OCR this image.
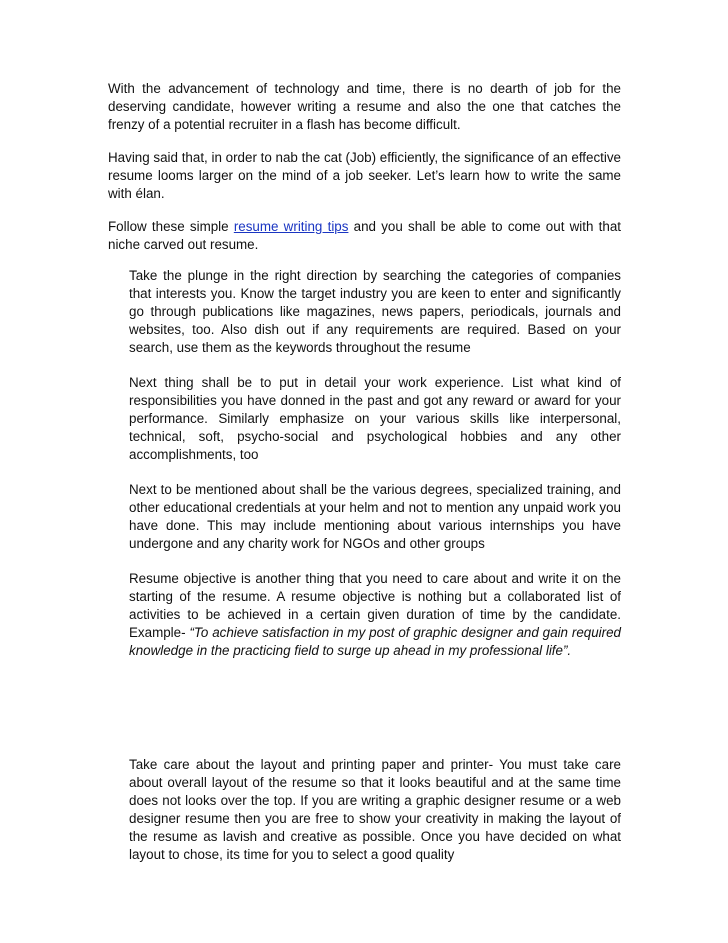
With the advancement of technology and time, there is no dearth of job for the deserving candidate, however writing a resume and also the one that catches the frenzy of a potential recruiter in a flash has become difficult.

Having said that, in order to nab the cat (Job) efficiently, the significance of an effective resume looms larger on the mind of a job seeker. Let’s learn how to write the same with élan.

Follow these simple resume writing tips and you shall be able to come out with that niche carved out resume.

Take the plunge in the right direction by searching the categories of companies that interests you. Know the target industry you are keen to enter and significantly go through publications like magazines, news papers, periodicals, journals and websites, too. Also dish out if any requirements are required. Based on your search, use them as the keywords throughout the resume

Next thing shall be to put in detail your work experience. List what kind of responsibilities you have donned in the past and got any reward or award for your performance. Similarly emphasize on your various skills like interpersonal, technical, soft, psycho-social and psychological hobbies and any other accomplishments, too

Next to be mentioned about shall be the various degrees, specialized training, and other educational credentials at your helm and not to mention any unpaid work you have done. This may include mentioning about various internships you have undergone and any charity work for NGOs and other groups

Resume objective is another thing that you need to care about and write it on the starting of the resume. A resume objective is nothing but a collaborated list of activities to be achieved in a certain given duration of time by the candidate. Example- “To achieve satisfaction in my post of graphic designer and gain required knowledge in the practicing field to surge up ahead in my professional life”.

Take care about the layout and printing paper and printer- You must take care about overall layout of the resume so that it looks beautiful and at the same time does not looks over the top. If you are writing a graphic designer resume or a web designer resume then you are free to show your creativity in making the layout of the resume as lavish and creative as possible. Once you have decided on what layout to chose, its time for you to select a good quality
